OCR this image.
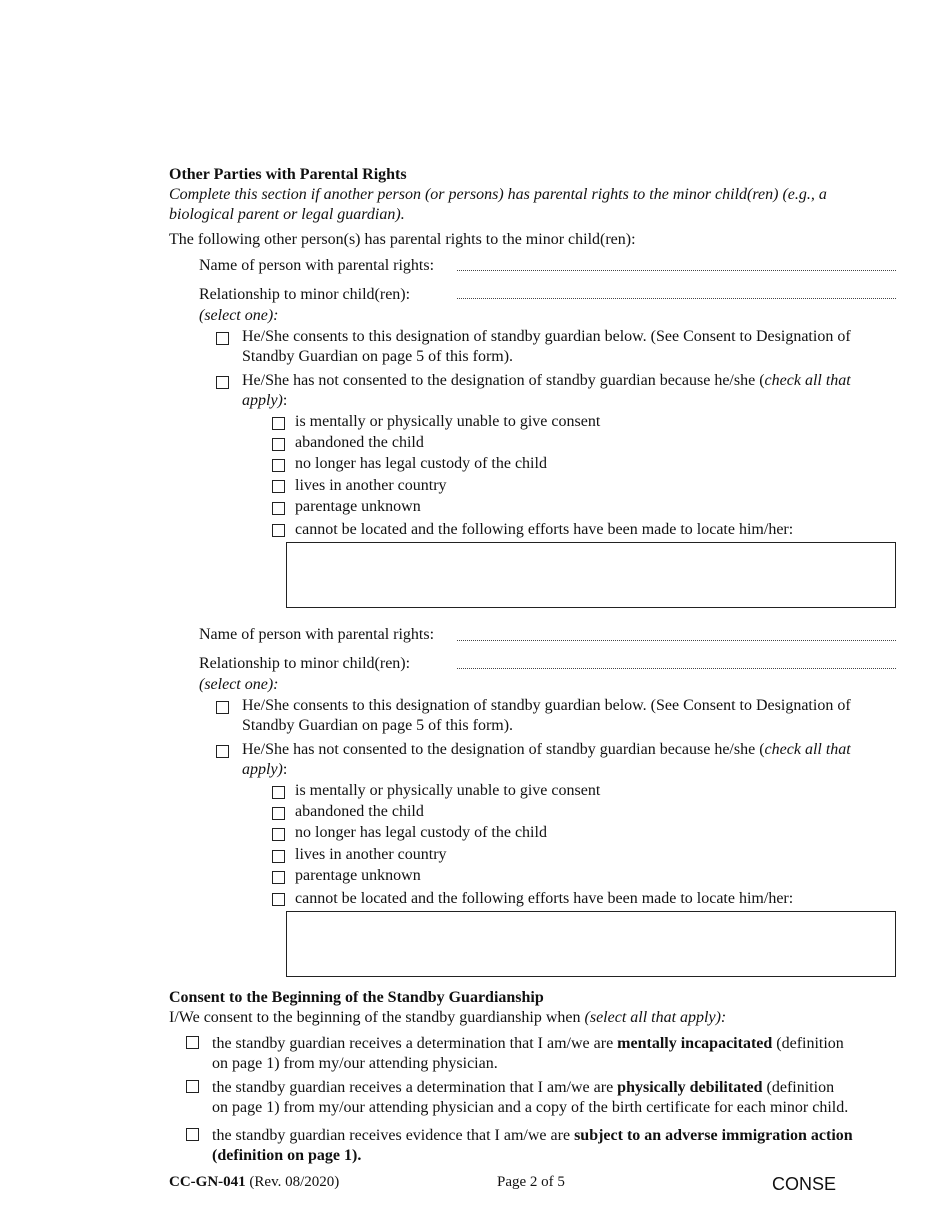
Other Parties with Parental Rights
Complete this section if another person (or persons) has parental rights to the minor child(ren) (e.g., a biological parent or legal guardian).
The following other person(s) has parental rights to the minor child(ren):
Name of person with parental rights:
Relationship to minor child(ren):
(select one):
He/She consents to this designation of standby guardian below. (See Consent to Designation of
Standby Guardian on page 5 of this form).
He/She has not consented to the designation of standby guardian because he/she (check all that
apply):
is mentally or physically unable to give consent
abandoned the child
no longer has legal custody of the child
lives in another country
parentage unknown
cannot be located and the following efforts have been made to locate him/her:
Name of person with parental rights:
Relationship to minor child(ren):
(select one):
He/She consents to this designation of standby guardian below. (See Consent to Designation of
Standby Guardian on page 5 of this form).
He/She has not consented to the designation of standby guardian because he/she (check all that
apply):
is mentally or physically unable to give consent
abandoned the child
no longer has legal custody of the child
lives in another country
parentage unknown
cannot be located and the following efforts have been made to locate him/her:
Consent to the Beginning of the Standby Guardianship
I/We consent to the beginning of the standby guardianship when (select all that apply):
the standby guardian receives a determination that I am/we are mentally incapacitated (definition
on page 1) from my/our attending physician.
the standby guardian receives a determination that I am/we are physically debilitated (definition
on page 1) from my/our attending physician and a copy of the birth certificate for each minor child.
the standby guardian receives evidence that I am/we are subject to an adverse immigration action
(definition on page 1).
CC-GN-041 (Rev. 08/2020)	Page 2 of 5	CONSE
